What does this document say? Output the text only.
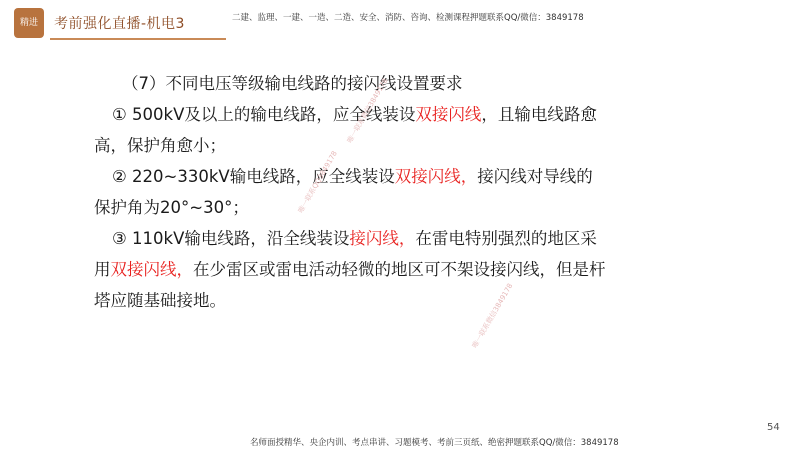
精进	考前强化直播-机电3	二建、监理、一建、一造、二造、安全、消防、咨询、检测课程押题联系QQ/微信：3849178
（7）不同电压等级输电线路的接闪线设置要求
① 500kV及以上的输电线路，应全线装设双接闪线，且输电线路愈
高，保护角愈小；
② 220~330kV输电线路，应全线装设双接闪线，接闪线对导线的
保护角为20°~30°；
③ 110kV输电线路，沿全线装设接闪线，在雷电特别强烈的地区采
用双接闪线，在少雷区或雷电活动轻微的地区可不架设接闪线，但是杆
塔应随基础接地。
唯一联系QQ3849178
唯一联系微信3849178
唯一联系微信3849178
54
名师面授精华、央企内训、考点串讲、习题模考、考前三页纸、绝密押题联系QQ/微信：3849178
